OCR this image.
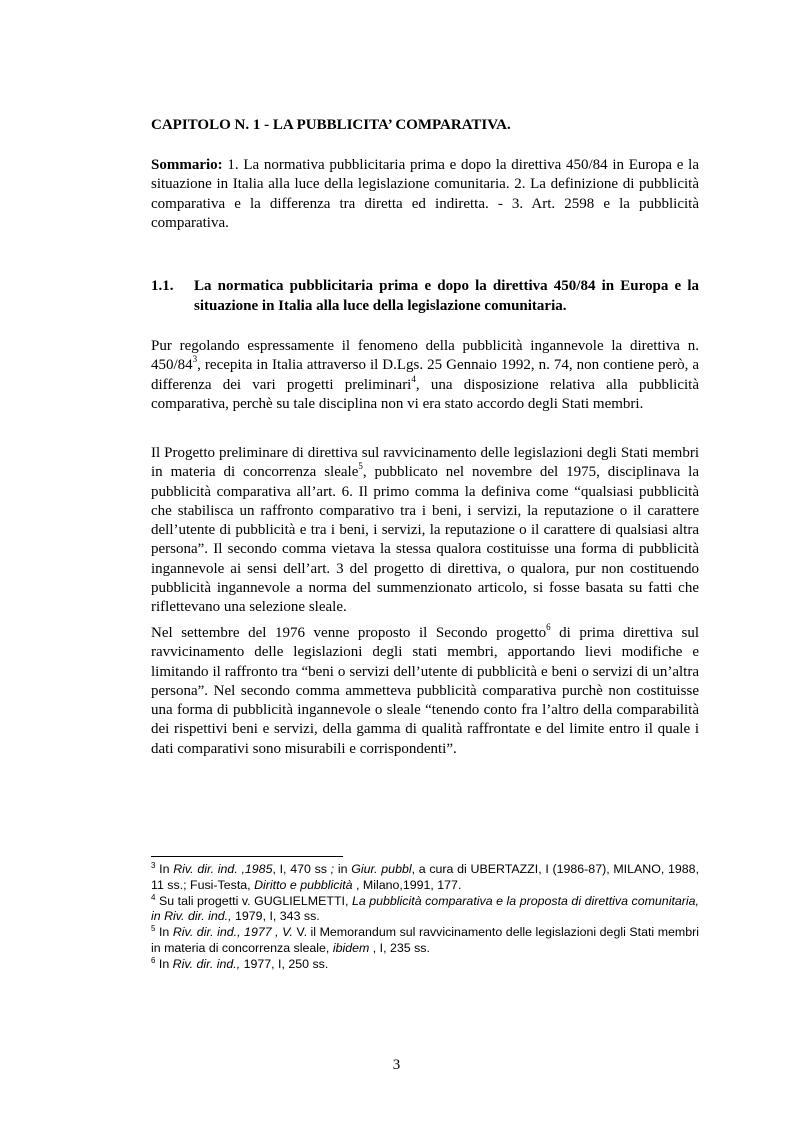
CAPITOLO N. 1 - LA PUBBLICITA’ COMPARATIVA.
Sommario: 1. La normativa pubblicitaria prima e dopo la direttiva 450/84 in Europa e la situazione in Italia alla luce della legislazione comunitaria. 2. La definizione di pubblicità comparativa e la differenza tra diretta ed indiretta. - 3. Art. 2598 e la pubblicità comparativa.
1.1. La normatica pubblicitaria prima e dopo la direttiva 450/84 in Europa e la situazione in Italia alla luce della legislazione comunitaria.
Pur regolando espressamente il fenomeno della pubblicità ingannevole la direttiva n. $450/84^3$, recepita in Italia attraverso il D.Lgs. 25 Gennaio 1992, n. 74, non contiene però, a differenza dei vari progetti preliminari$^4$, una disposizione relativa alla pubblicità comparativa, perchè su tale disciplina non vi era stato accordo degli Stati membri.
Il Progetto preliminare di direttiva sul ravvicinamento delle legislazioni degli Stati membri in materia di concorrenza sleale$^5$, pubblicato nel novembre del 1975, disciplinava la pubblicità comparativa all’art. 6. Il primo comma la definiva come “qualsiasi pubblicità che stabilisca un raffronto comparativo tra i beni, i servizi, la reputazione o il carattere dell’utente di pubblicità e tra i beni, i servizi, la reputazione o il carattere di qualsiasi altra persona”. Il secondo comma vietava la stessa qualora costituisse una forma di pubblicità ingannevole ai sensi dell’art. 3 del progetto di direttiva, o qualora, pur non costituendo pubblicità ingannevole a norma del summenzionato articolo, si fosse basata su fatti che riflettevano una selezione sleale.
Nel settembre del 1976 venne proposto il Secondo progetto$^6$ di prima direttiva sul ravvicinamento delle legislazioni degli stati membri, apportando lievi modifiche e limitando il raffronto tra “beni o servizi dell’utente di pubblicità e beni o servizi di un’altra persona”. Nel secondo comma ammetteva pubblicità comparativa purchè non costituisse una forma di pubblicità ingannevole o sleale “tenendo conto fra l’altro della comparabilità dei rispettivi beni e servizi, della gamma di qualità raffrontate e del limite entro il quale i dati comparativi sono misurabili e corrispondenti”.

$^3$ In Riv. dir. ind. ,1985, I, 470 ss ; in Giur. pubbl, a cura di UBERTAZZI, I (1986-87), MILANO, 1988, 11 ss.; Fusi-Testa, Diritto e pubblicità , Milano,1991, 177.

$^4$ Su tali progetti v. GUGLIELMETTI, La pubblicità comparativa e la proposta di direttiva comunitaria, in Riv. dir. ind., 1979, I, 343 ss.

$^5$ In Riv. dir. ind., 1977 , V. V. il Memorandum sul ravvicinamento delle legislazioni degli Stati membri in materia di concorrenza sleale, ibidem , I, 235 ss.

$^6$ In Riv. dir. ind., 1977, I, 250 ss.

3
